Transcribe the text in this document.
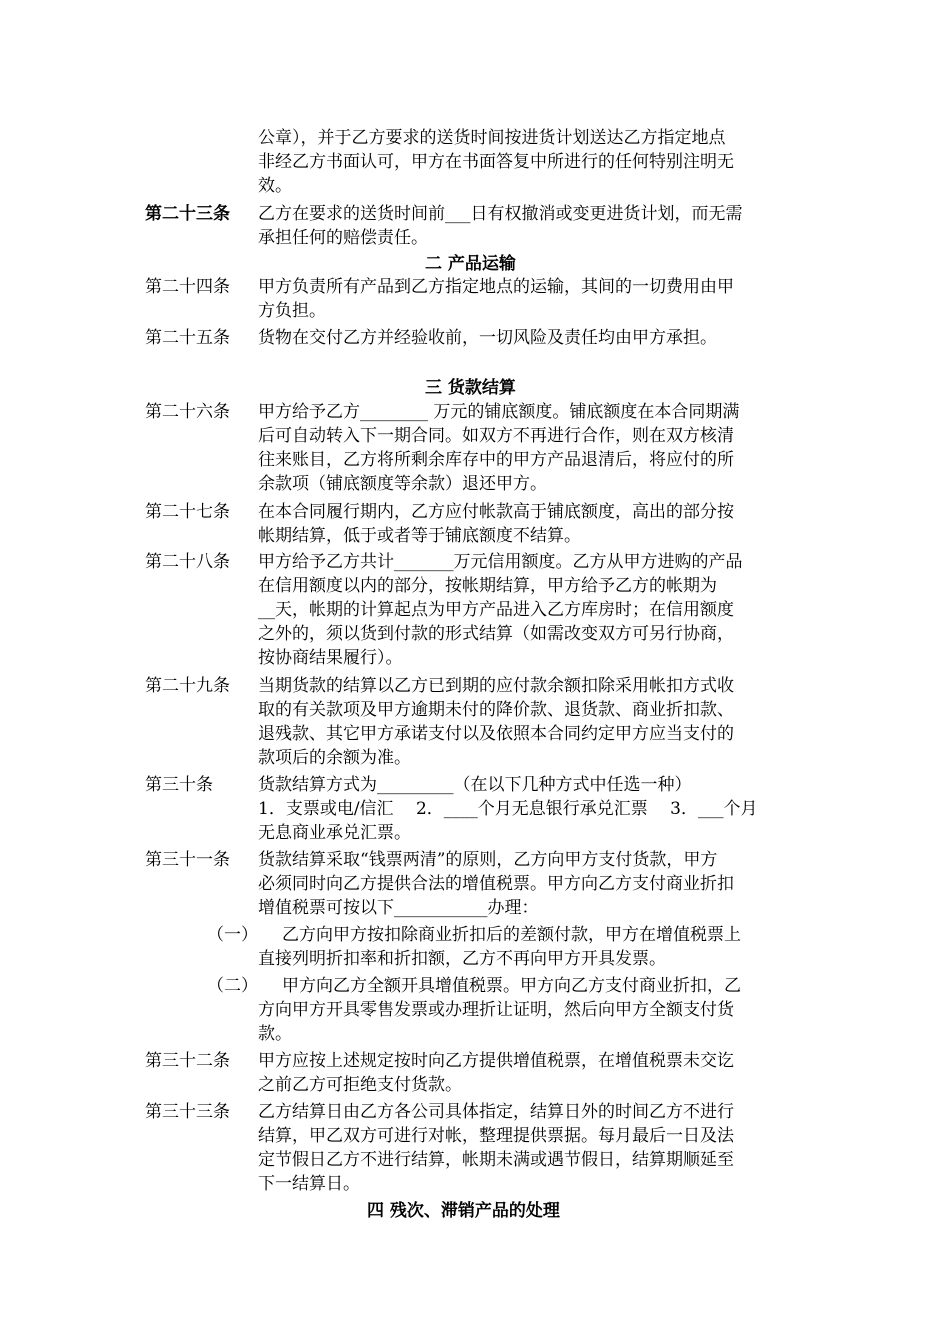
公章），并于乙方要求的送货时间按进货计划送达乙方指定地点
非经乙方书面认可，甲方在书面答复中所进行的任何特别注明无
效。
第二十三条 乙方在要求的送货时间前___日有权撤消或变更进货计划，而无需
承担任何的赔偿责任。
二 产品运输
第二十四条 甲方负责所有产品到乙方指定地点的运输，其间的一切费用由甲
方负担。
第二十五条 货物在交付乙方并经验收前，一切风险及责任均由甲方承担。
三 货款结算
第二十六条 甲方给予乙方________ 万元的铺底额度。铺底额度在本合同期满
后可自动转入下一期合同。如双方不再进行合作，则在双方核清
往来账目，乙方将所剩余库存中的甲方产品退清后，将应付的所
余款项（铺底额度等余款）退还甲方。
第二十七条 在本合同履行期内，乙方应付帐款高于铺底额度，高出的部分按
帐期结算，低于或者等于铺底额度不结算。
第二十八条 甲方给予乙方共计_______万元信用额度。乙方从甲方进购的产品
在信用额度以内的部分，按帐期结算，甲方给予乙方的帐期为
__天，帐期的计算起点为甲方产品进入乙方库房时；在信用额度
之外的，须以货到付款的形式结算（如需改变双方可另行协商，
按协商结果履行）。
第二十九条 当期货款的结算以乙方已到期的应付款余额扣除采用帐扣方式收
取的有关款项及甲方逾期未付的降价款、退货款、商业折扣款、
退残款、其它甲方承诺支付以及依照本合同约定甲方应当支付的
款项后的余额为准。
第三十条	货款结算方式为_________（在以下几种方式中任选一种）
1．支票或电/信汇 　2．____个月无息银行承兑汇票 　3．___个月
无息商业承兑汇票。
第三十一条 货款结算采取“钱票两清”的原则，乙方向甲方支付货款，甲方
必须同时向乙方提供合法的增值税票。甲方向乙方支付商业折扣
增值税票可按以下___________办理：
（一） 乙方向甲方按扣除商业折扣后的差额付款，甲方在增值税票上
直接列明折扣率和折扣额，乙方不再向甲方开具发票。
（二） 甲方向乙方全额开具增值税票。甲方向乙方支付商业折扣，乙
方向甲方开具零售发票或办理折让证明，然后向甲方全额支付货
款。
第三十二条 甲方应按上述规定按时向乙方提供增值税票，在增值税票未交讫
之前乙方可拒绝支付货款。
第三十三条 乙方结算日由乙方各公司具体指定，结算日外的时间乙方不进行
结算，甲乙双方可进行对帐，整理提供票据。每月最后一日及法
定节假日乙方不进行结算，帐期未满或遇节假日，结算期顺延至
下一结算日。
四 残次、滞销产品的处理
